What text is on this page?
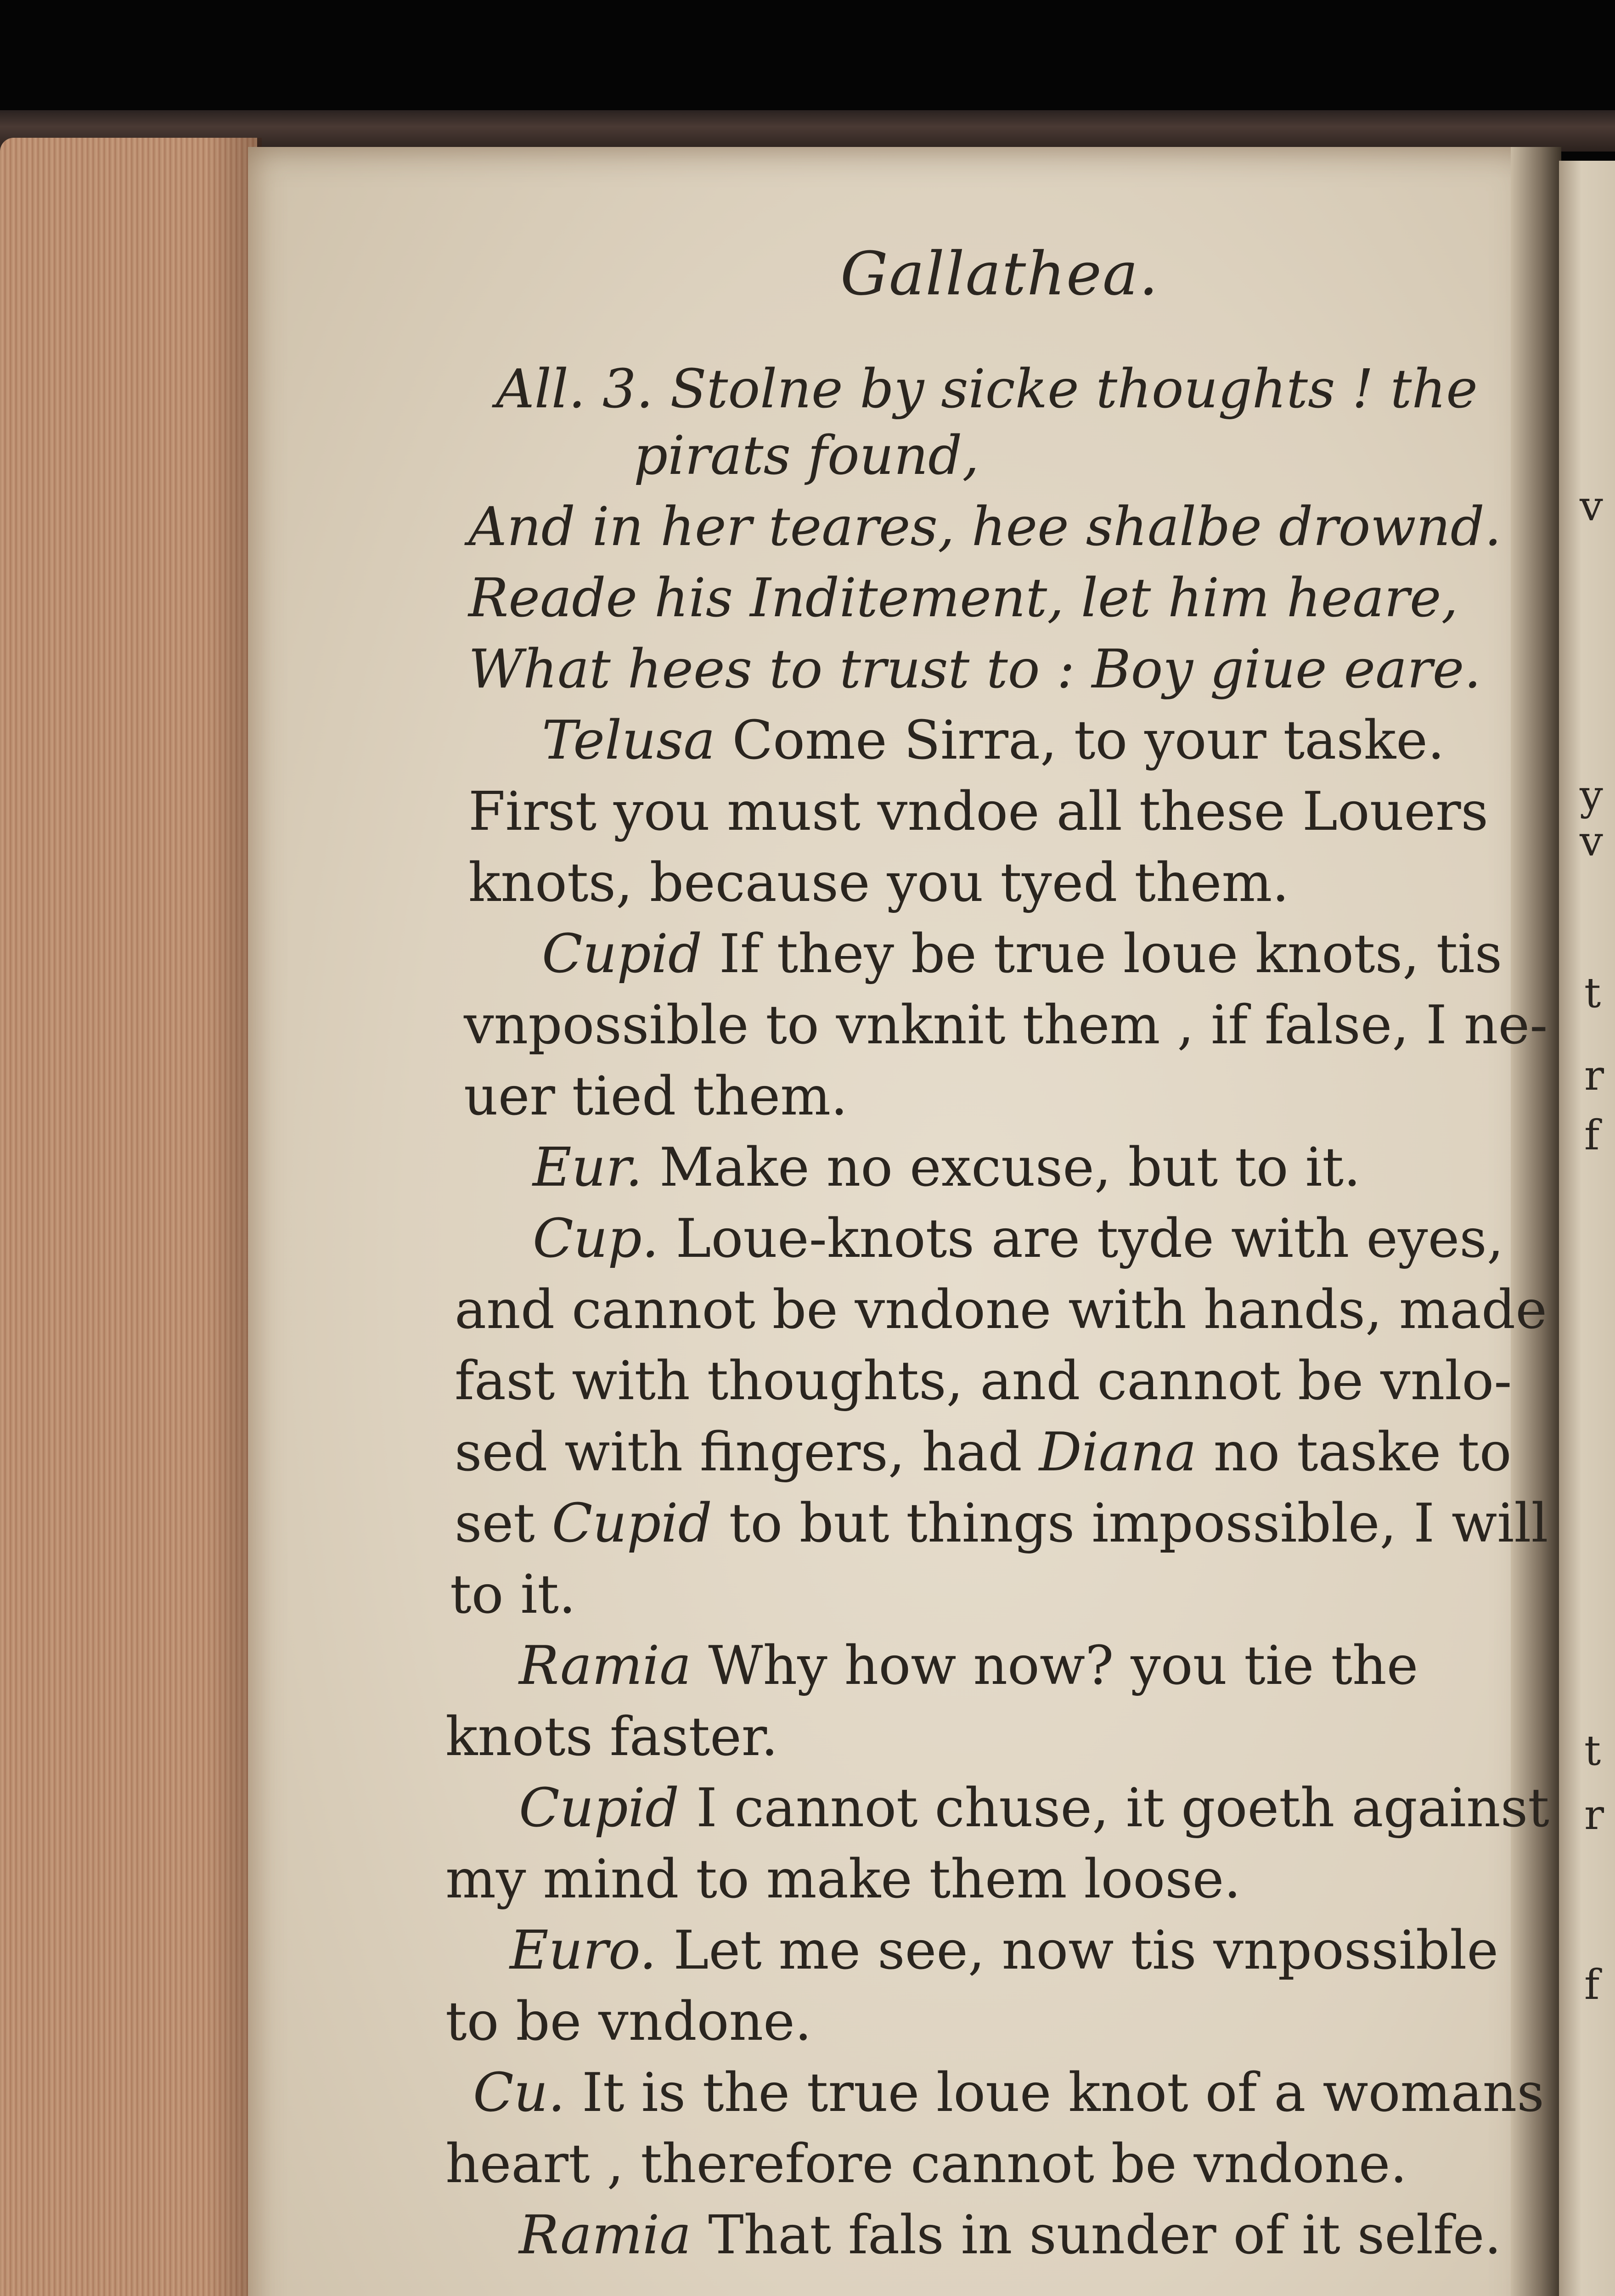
v
y
v
t
r
f
t
r
f
Gallathea.
All. 3. Stolne by sicke thoughts ! the
pirats found,
And in her teares, hee shalbe drownd.
Reade his Inditement, let him heare,
What hees to trust to : Boy giue eare.
Telusa Come Sirra, to your taske.
First you must vndoe all these Louers
knots, because you tyed them.
Cupid If they be true loue knots, tis
vnpossible to vnknit them , if false, I ne-
uer tied them.
Eur. Make no excuse, but to it.
Cup. Loue-knots are tyde with eyes,
and cannot be vndone with hands, made
fast with thoughts, and cannot be vnlo-
sed with fingers, had Diana no taske to
set Cupid to but things impossible, I will
to it.
Ramia Why how now? you tie the
knots faster.
Cupid I cannot chuse, it goeth against
my mind to make them loose.
Euro. Let me see, now tis vnpossible
to be vndone.
Cu. It is the true loue knot of a womans
heart , therefore cannot be vndone.
Ramia That fals in sunder of it selfe.
